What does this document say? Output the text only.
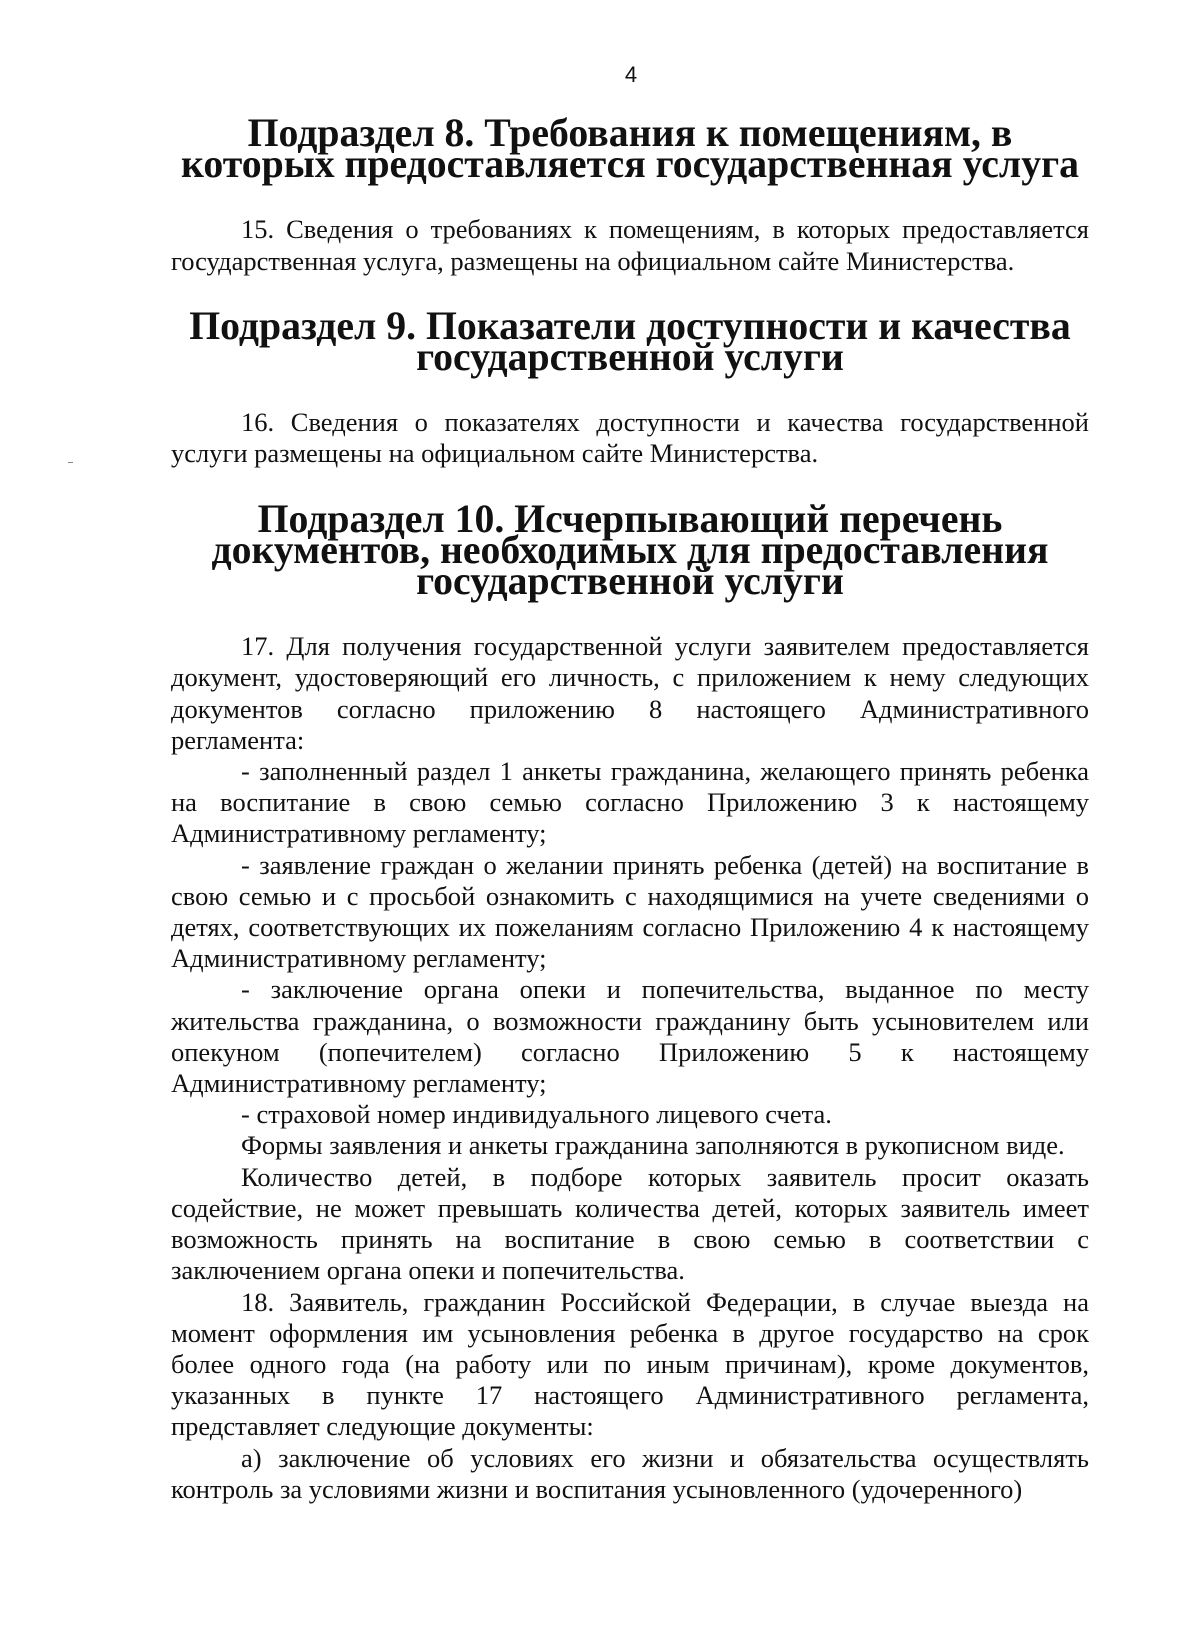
4
Подраздел 8. Требования к помещениям, в которых предоставляется государственная услуга

15. Сведения о требованиях к помещениям, в которых предоставляется государственная услуга, размещены на официальном сайте Министерства.

Подраздел 9. Показатели доступности и качества государственной услуги

16. Сведения о показателях доступности и качества государственной услуги размещены на официальном сайте Министерства.

Подраздел 10. Исчерпывающий перечень документов, необходимых для предоставления государственной услуги

17. Для получения государственной услуги заявителем предоставляется документ, удостоверяющий его личность, с приложением к нему следующих документов согласно приложению 8 настоящего Административного регламента:

- заполненный раздел 1 анкеты гражданина, желающего принять ребенка на воспитание в свою семью согласно Приложению 3 к настоящему Административному регламенту;

- заявление граждан о желании принять ребенка (детей) на воспитание в свою семью и с просьбой ознакомить с находящимися на учете сведениями о детях, соответствующих их пожеланиям согласно Приложению 4 к настоящему Административному регламенту;

- заключение органа опеки и попечительства, выданное по месту жительства гражданина, о возможности гражданину быть усыновителем или опекуном (попечителем) согласно Приложению 5 к настоящему Административному регламенту;

- страховой номер индивидуального лицевого счета.

Формы заявления и анкеты гражданина заполняются в рукописном виде.

Количество детей, в подборе которых заявитель просит оказать содействие, не может превышать количества детей, которых заявитель имеет возможность принять на воспитание в свою семью в соответствии с заключением органа опеки и попечительства.

18. Заявитель, гражданин Российской Федерации, в случае выезда на момент оформления им усыновления ребенка в другое государство на срок более одного года (на работу или по иным причинам), кроме документов, указанных в пункте 17 настоящего Административного регламента, представляет следующие документы:

а) заключение об условиях его жизни и обязательства осуществлять контроль за условиями жизни и воспитания усыновленного (удочеренного)
